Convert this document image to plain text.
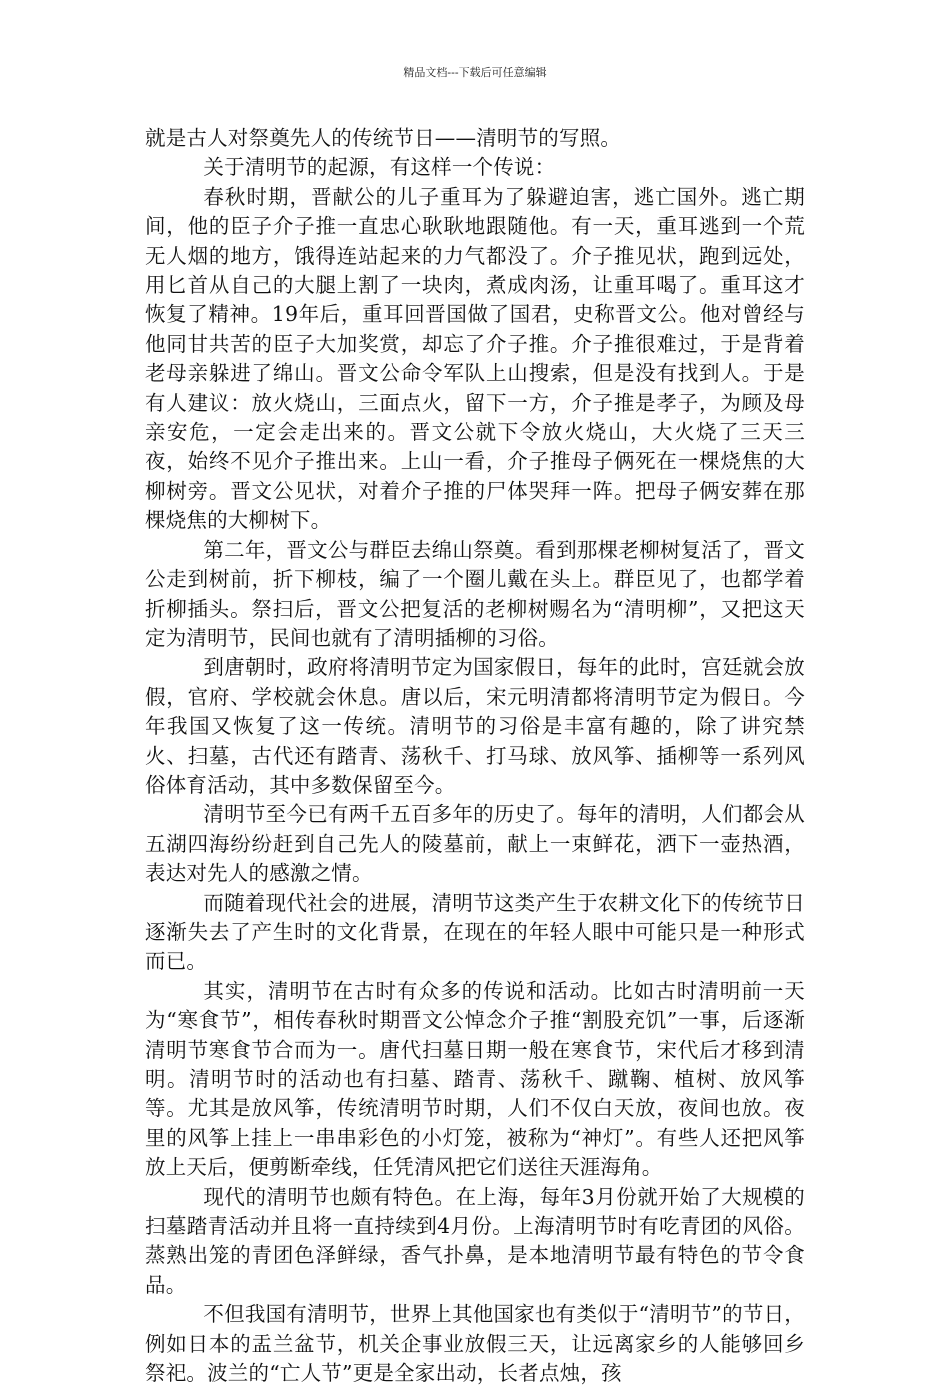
精品文档---下载后可任意编辑

就是古人对祭奠先人的传统节日——清明节的写照。

关于清明节的起源，有这样一个传说：

春秋时期，晋献公的儿子重耳为了躲避迫害，逃亡国外。逃亡期间，他的臣子介子推一直忠心耿耿地跟随他。有一天，重耳逃到一个荒无人烟的地方，饿得连站起来的力气都没了。介子推见状，跑到远处，用匕首从自己的大腿上割了一块肉，煮成肉汤，让重耳喝了。重耳这才恢复了精神。19年后，重耳回晋国做了国君，史称晋文公。他对曾经与他同甘共苦的臣子大加奖赏，却忘了介子推。介子推很难过，于是背着老母亲躲进了绵山。晋文公命令军队上山搜索，但是没有找到人。于是有人建议：放火烧山，三面点火，留下一方，介子推是孝子，为顾及母亲安危，一定会走出来的。晋文公就下令放火烧山，大火烧了三天三夜，始终不见介子推出来。上山一看，介子推母子俩死在一棵烧焦的大柳树旁。晋文公见状，对着介子推的尸体哭拜一阵。把母子俩安葬在那棵烧焦的大柳树下。

第二年，晋文公与群臣去绵山祭奠。看到那棵老柳树复活了，晋文公走到树前，折下柳枝，编了一个圈儿戴在头上。群臣见了，也都学着折柳插头。祭扫后，晋文公把复活的老柳树赐名为“清明柳”，又把这天定为清明节，民间也就有了清明插柳的习俗。

到唐朝时，政府将清明节定为国家假日，每年的此时，宫廷就会放假，官府、学校就会休息。唐以后，宋元明清都将清明节定为假日。今年我国又恢复了这一传统。清明节的习俗是丰富有趣的，除了讲究禁火、扫墓，古代还有踏青、荡秋千、打马球、放风筝、插柳等一系列风俗体育活动，其中多数保留至今。

清明节至今已有两千五百多年的历史了。每年的清明，人们都会从五湖四海纷纷赶到自己先人的陵墓前，献上一束鲜花，洒下一壶热酒，表达对先人的感激之情。

而随着现代社会的进展，清明节这类产生于农耕文化下的传统节日逐渐失去了产生时的文化背景，在现在的年轻人眼中可能只是一种形式而已。

其实，清明节在古时有众多的传说和活动。比如古时清明前一天为“寒食节”，相传春秋时期晋文公悼念介子推“割股充饥”一事，后逐渐清明节寒食节合而为一。唐代扫墓日期一般在寒食节，宋代后才移到清明。清明节时的活动也有扫墓、踏青、荡秋千、蹴鞠、植树、放风筝等。尤其是放风筝，传统清明节时期，人们不仅白天放，夜间也放。夜里的风筝上挂上一串串彩色的小灯笼，被称为“神灯”。有些人还把风筝放上天后，便剪断牵线，任凭清风把它们送往天涯海角。

现代的清明节也颇有特色。在上海，每年3月份就开始了大规模的扫墓踏青活动并且将一直持续到4月份。上海清明节时有吃青团的风俗。蒸熟出笼的青团色泽鲜绿，香气扑鼻，是本地清明节最有特色的节令食品。

不但我国有清明节，世界上其他国家也有类似于“清明节”的节日，例如日本的盂兰盆节，机关企事业放假三天，让远离家乡的人能够回乡祭祀。波兰的“亡人节”更是全家出动，长者点烛，孩
